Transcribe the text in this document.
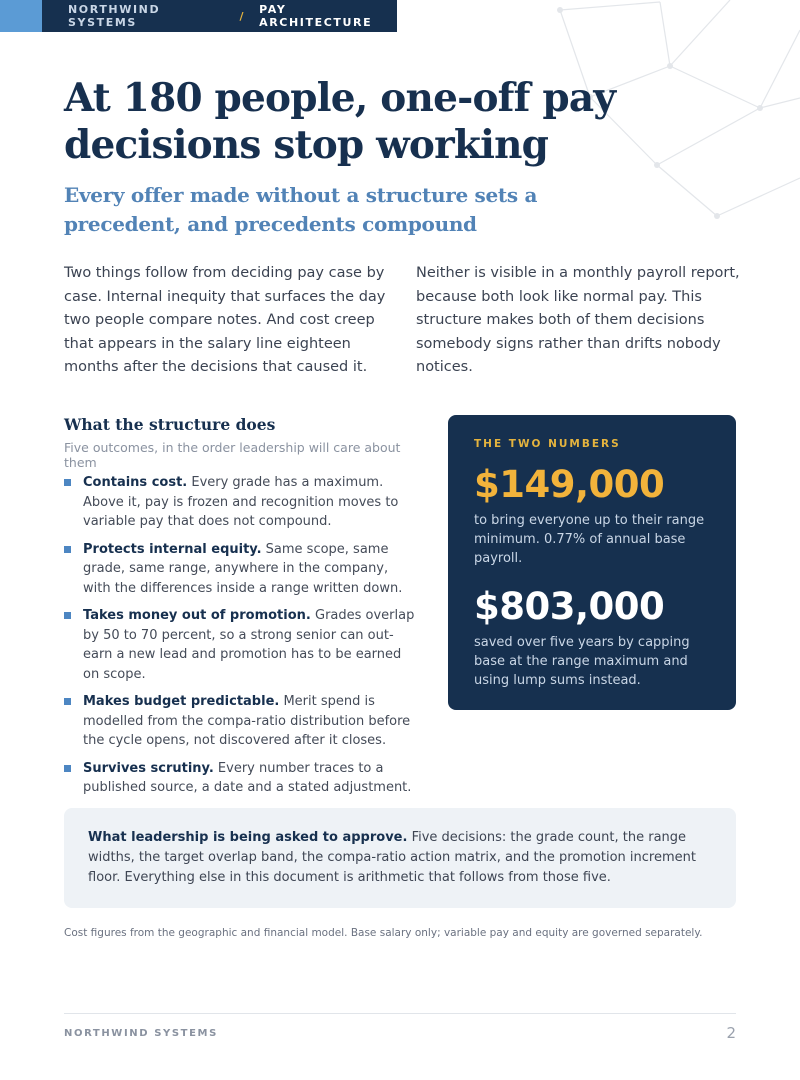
NORTHWIND SYSTEMS	/ PAY ARCHITECTURE
At 180 people, one-off pay decisions stop working
Every offer made without a structure sets a precedent, and precedents compound

Two things follow from deciding pay case by case. Internal inequity that surfaces the day two people compare notes. And cost creep that appears in the salary line eighteen months after the decisions that caused it.

Neither is visible in a monthly payroll report, because both look like normal pay. This structure makes both of them decisions somebody signs rather than drifts nobody notices.

What the structure does
Five outcomes, in the order leadership will care about them
Contains cost. Every grade has a maximum. Above it, pay is frozen and recognition moves to variable pay that does not compound.
Protects internal equity. Same scope, same grade, same range, anywhere in the company, with the differences inside a range written down.
Takes money out of promotion. Grades overlap by 50 to 70 percent, so a strong senior can out-earn a new lead and promotion has to be earned on scope.
Makes budget predictable. Merit spend is modelled from the compa-ratio distribution before the cycle opens, not discovered after it closes.
Survives scrutiny. Every number traces to a published source, a date and a stated adjustment.
THE TWO NUMBERS
$149,000
to bring everyone up to their range minimum. 0.77% of annual base payroll.
$803,000
saved over five years by capping base at the range maximum and using lump sums instead.
What leadership is being asked to approve. Five decisions: the grade count, the range widths, the target overlap band, the compa-ratio action matrix, and the promotion increment floor. Everything else in this document is arithmetic that follows from those five.
Cost figures from the geographic and financial model. Base salary only; variable pay and equity are governed separately.
NORTHWIND SYSTEMS	2
